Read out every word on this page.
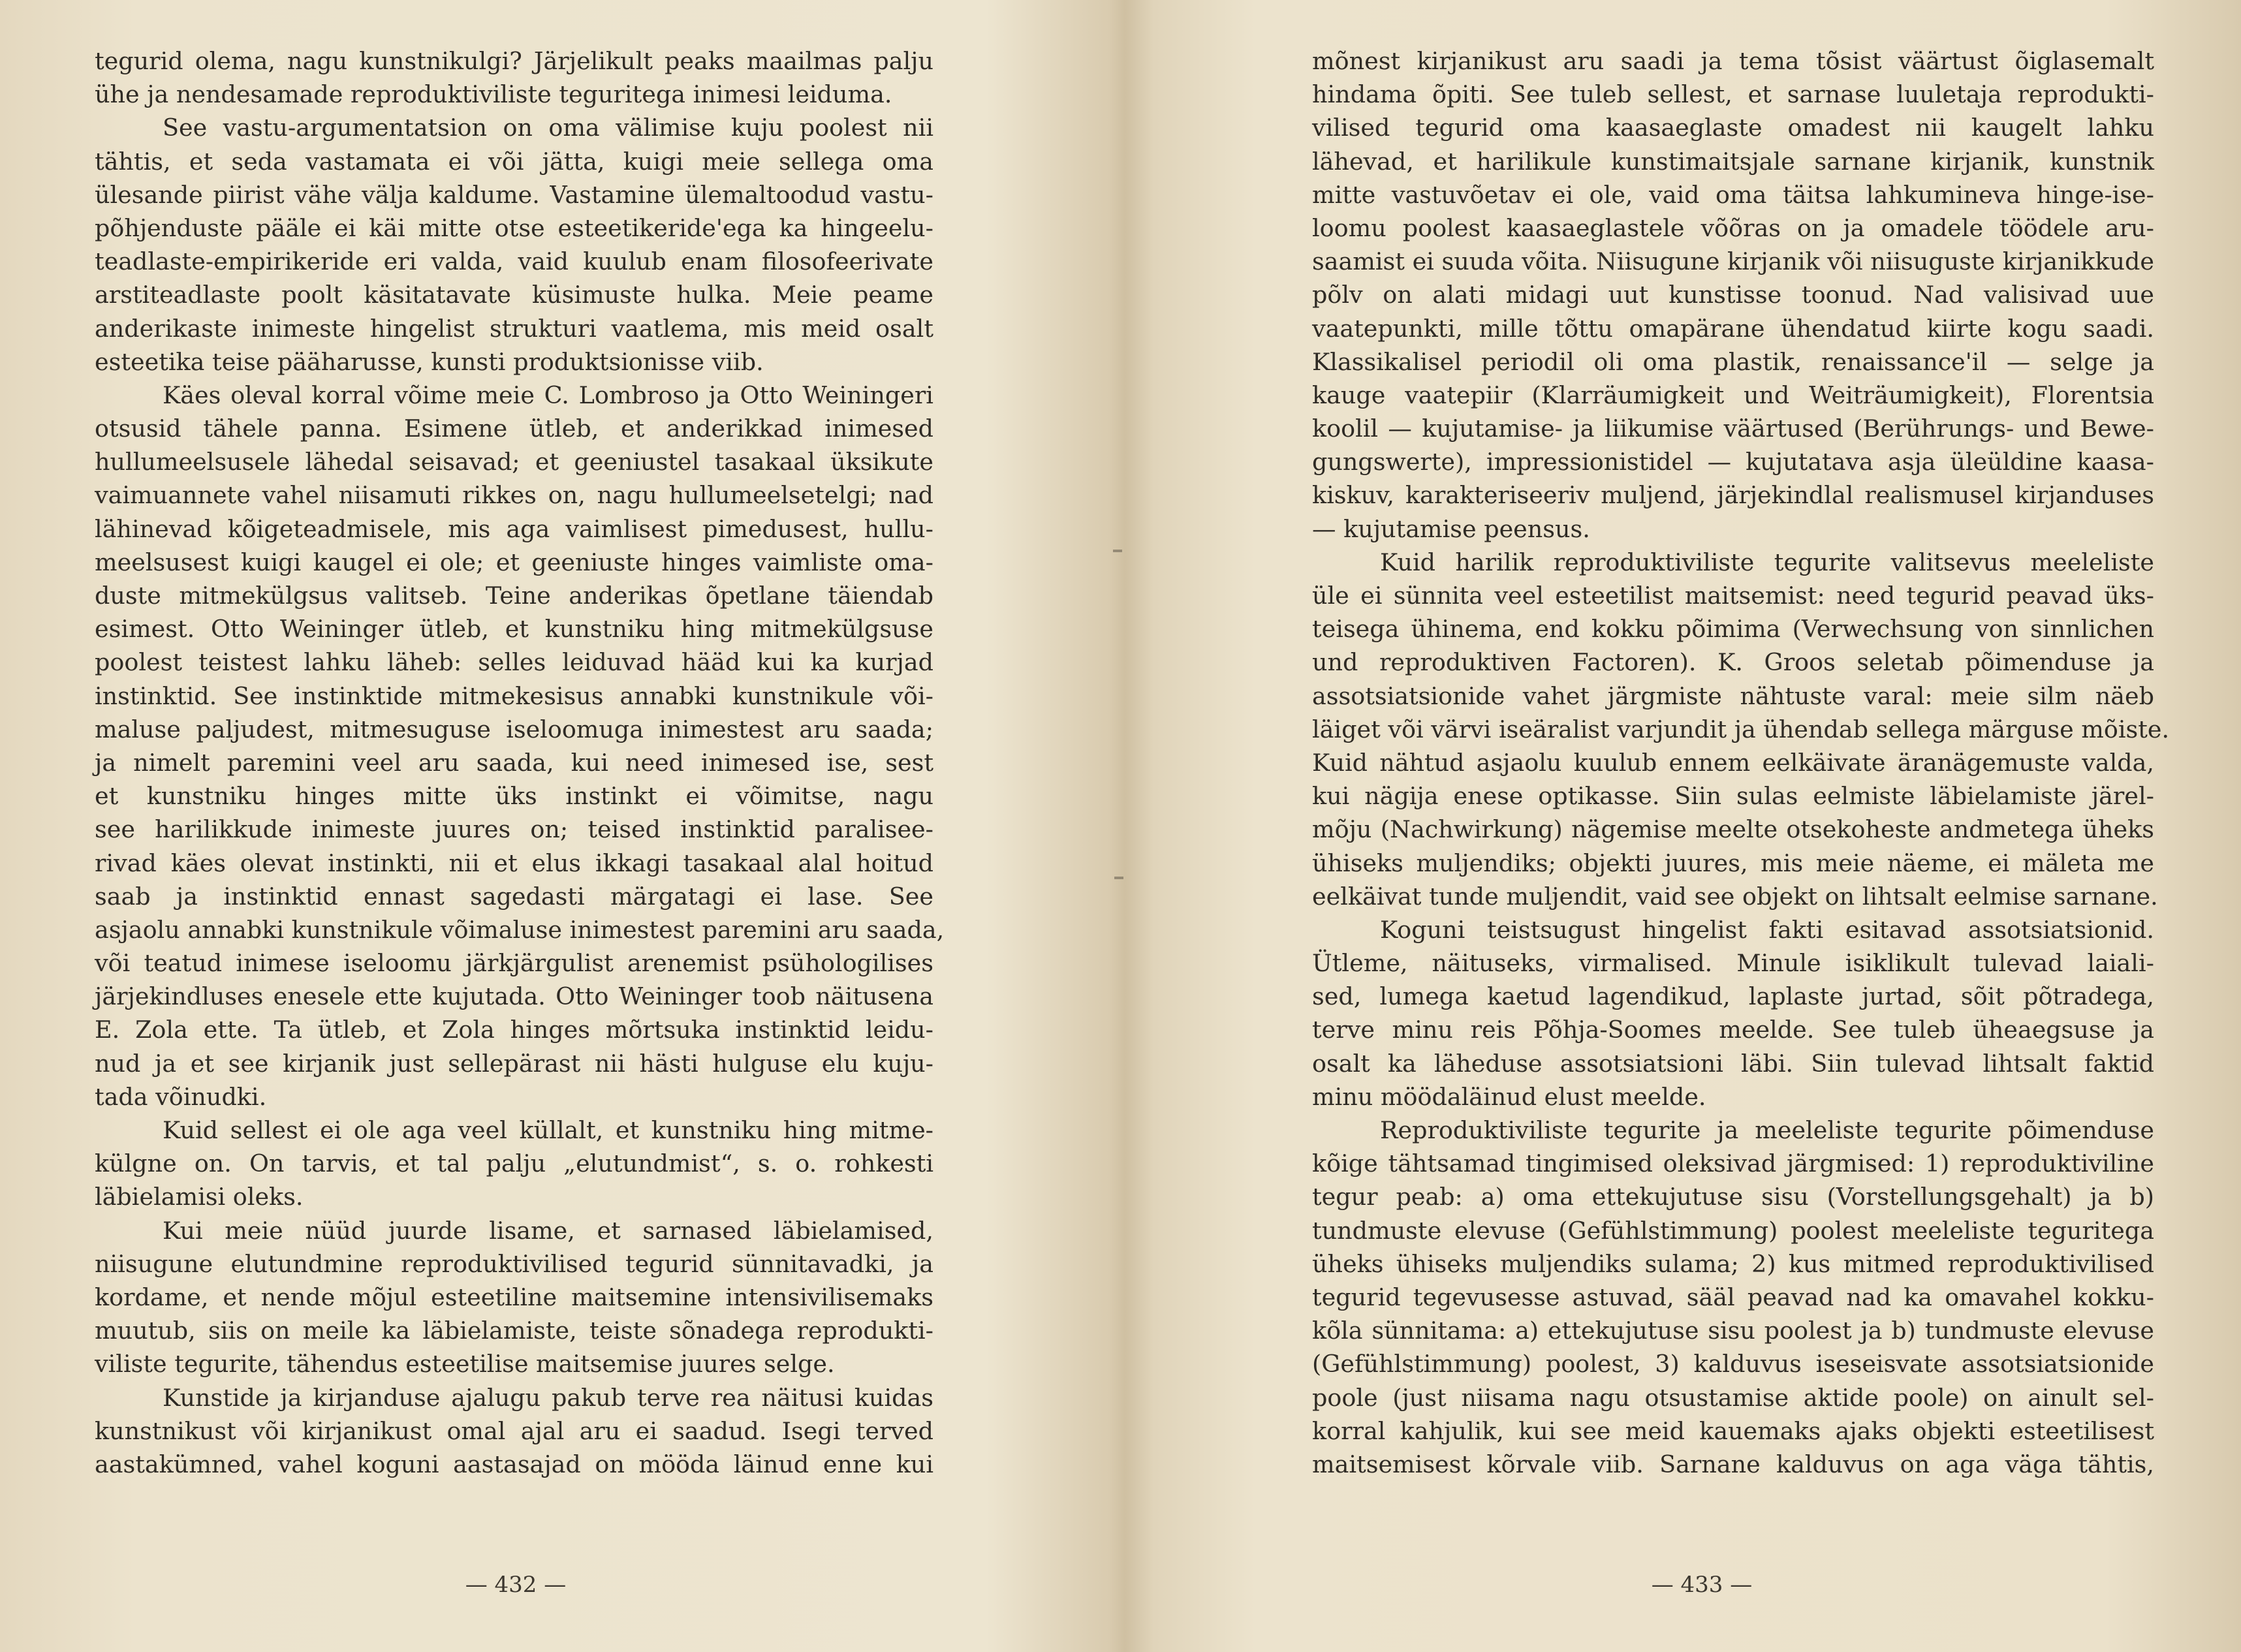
tegurid olema, nagu kunstnikulgi? Järjelikult peaks maailmas palju
ühe ja nendesamade reproduktiviliste teguritega inimesi leiduma.
See vastu-argumentatsion on oma välimise kuju poolest nii
tähtis, et seda vastamata ei või jätta, kuigi meie sellega oma
ülesande piirist vähe välja kaldume. Vastamine ülemaltoodud vastu-
põhjenduste pääle ei käi mitte otse esteetikeride'ega ka hingeelu-
teadlaste-empirikeride eri valda, vaid kuulub enam filosofeerivate
arstiteadlaste poolt käsitatavate küsimuste hulka. Meie peame
anderikaste inimeste hingelist strukturi vaatlema, mis meid osalt
esteetika teise pääharusse, kunsti produktsionisse viib.
Käes oleval korral võime meie C. Lombroso ja Otto Weiningeri
otsusid tähele panna. Esimene ütleb, et anderikkad inimesed
hullumeelsusele lähedal seisavad; et geeniustel tasakaal üksikute
vaimuannete vahel niisamuti rikkes on, nagu hullumeelsetelgi; nad
lähinevad kõigeteadmisele, mis aga vaimlisest pimedusest, hullu-
meelsusest kuigi kaugel ei ole; et geeniuste hinges vaimliste oma-
duste mitmekülgsus valitseb. Teine anderikas õpetlane täiendab
esimest. Otto Weininger ütleb, et kunstniku hing mitmekülgsuse
poolest teistest lahku läheb: selles leiduvad hääd kui ka kurjad
instinktid. See instinktide mitmekesisus annabki kunstnikule või-
maluse paljudest, mitmesuguse iseloomuga inimestest aru saada;
ja nimelt paremini veel aru saada, kui need inimesed ise, sest
et kunstniku hinges mitte üks instinkt ei võimitse, nagu
see harilikkude inimeste juures on; teised instinktid paralisee-
rivad käes olevat instinkti, nii et elus ikkagi tasakaal alal hoitud
saab ja instinktid ennast sagedasti märgatagi ei lase. See
asjaolu annabki kunstnikule võimaluse inimestest paremini aru saada,
või teatud inimese iseloomu järkjärgulist arenemist psühologilises
järjekindluses enesele ette kujutada. Otto Weininger toob näitusena
E. Zola ette. Ta ütleb, et Zola hinges mõrtsuka instinktid leidu-
nud ja et see kirjanik just sellepärast nii hästi hulguse elu kuju-
tada võinudki.
Kuid sellest ei ole aga veel küllalt, et kunstniku hing mitme-
külgne on. On tarvis, et tal palju „elutundmist“, s. o. rohkesti
läbielamisi oleks.
Kui meie nüüd juurde lisame, et sarnased läbielamised,
niisugune elutundmine reproduktivilised tegurid sünnitavadki, ja
kordame, et nende mõjul esteetiline maitsemine intensivilisemaks
muutub, siis on meile ka läbielamiste, teiste sõnadega reprodukti-
viliste tegurite, tähendus esteetilise maitsemise juures selge.
Kunstide ja kirjanduse ajalugu pakub terve rea näitusi kuidas
kunstnikust või kirjanikust omal ajal aru ei saadud. Isegi terved
aastakümned, vahel koguni aastasajad on mööda läinud enne kui
— 432 —
mõnest kirjanikust aru saadi ja tema tõsist väärtust õiglasemalt
hindama õpiti. See tuleb sellest, et sarnase luuletaja reprodukti-
vilised tegurid oma kaasaeglaste omadest nii kaugelt lahku
lähevad, et harilikule kunstimaitsjale sarnane kirjanik, kunstnik
mitte vastuvõetav ei ole, vaid oma täitsa lahkumineva hinge-ise-
loomu poolest kaasaeglastele võõras on ja omadele töödele aru-
saamist ei suuda võita. Niisugune kirjanik või niisuguste kirjanikkude
põlv on alati midagi uut kunstisse toonud. Nad valisivad uue
vaatepunkti, mille tõttu omapärane ühendatud kiirte kogu saadi.
Klassikalisel periodil oli oma plastik, renaissance'il — selge ja
kauge vaatepiir (Klarräumigkeit und Weiträumigkeit), Florentsia
koolil — kujutamise- ja liikumise väärtused (Berührungs- und Bewe-
gungswerte), impressionistidel — kujutatava asja üleüldine kaasa-
kiskuv, karakteriseeriv muljend, järjekindlal realismusel kirjanduses
— kujutamise peensus.
Kuid harilik reproduktiviliste tegurite valitsevus meeleliste
üle ei sünnita veel esteetilist maitsemist: need tegurid peavad üks-
teisega ühinema, end kokku põimima (Verwechsung von sinnlichen
und reproduktiven Factoren). K. Groos seletab põimenduse ja
assotsiatsionide vahet järgmiste nähtuste varal: meie silm näeb
läiget või värvi iseäralist varjundit ja ühendab sellega märguse mõiste.
Kuid nähtud asjaolu kuulub ennem eelkäivate äranägemuste valda,
kui nägija enese optikasse. Siin sulas eelmiste läbielamiste järel-
mõju (Nachwirkung) nägemise meelte otsekoheste andmetega üheks
ühiseks muljendiks; objekti juures, mis meie näeme, ei mäleta me
eelkäivat tunde muljendit, vaid see objekt on lihtsalt eelmise sarnane.
Koguni teistsugust hingelist fakti esitavad assotsiatsionid.
Ütleme, näituseks, virmalised. Minule isiklikult tulevad laiali-
sed, lumega kaetud lagendikud, laplaste jurtad, sõit põtradega,
terve minu reis Põhja-Soomes meelde. See tuleb üheaegsuse ja
osalt ka läheduse assotsiatsioni läbi. Siin tulevad lihtsalt faktid
minu möödaläinud elust meelde.
Reproduktiviliste tegurite ja meeleliste tegurite põimenduse
kõige tähtsamad tingimised oleksivad järgmised: 1) reproduktiviline
tegur peab: a) oma ettekujutuse sisu (Vorstellungsgehalt) ja b)
tundmuste elevuse (Gefühlstimmung) poolest meeleliste teguritega
üheks ühiseks muljendiks sulama; 2) kus mitmed reproduktivilised
tegurid tegevusesse astuvad, sääl peavad nad ka omavahel kokku-
kõla sünnitama: a) ettekujutuse sisu poolest ja b) tundmuste elevuse
(Gefühlstimmung) poolest, 3) kalduvus iseseisvate assotsiatsionide
poole (just niisama nagu otsustamise aktide poole) on ainult sel-
korral kahjulik, kui see meid kauemaks ajaks objekti esteetilisest
maitsemisest kõrvale viib. Sarnane kalduvus on aga väga tähtis,
— 433 —
